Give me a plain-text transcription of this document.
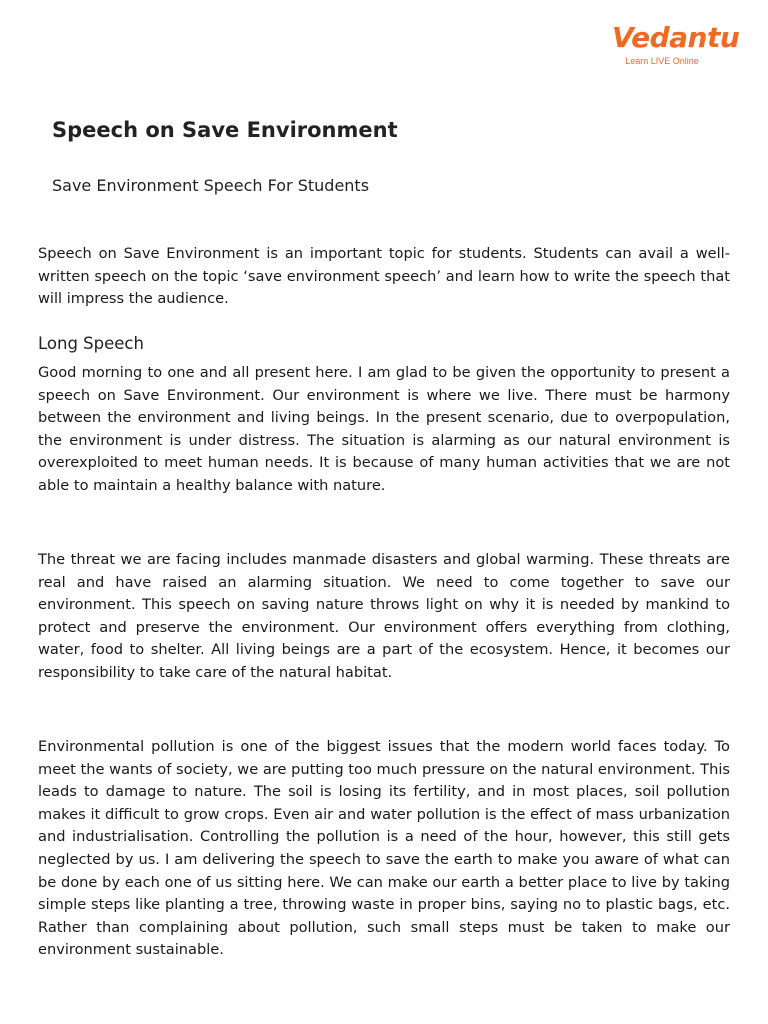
Vedantu
Learn LIVE Online
Speech on Save Environment
Save Environment Speech For Students

Speech on Save Environment is an important topic for students. Students can avail a well-written speech on the topic ‘save environment speech’ and learn how to write the speech that will impress the audience.

Long Speech

Good morning to one and all present here. I am glad to be given the opportunity to present a speech on Save Environment. Our environment is where we live. There must be harmony between the environment and living beings. In the present scenario, due to overpopulation, the environment is under distress. The situation is alarming as our natural environment is overexploited to meet human needs. It is because of many human activities that we are not able to maintain a healthy balance with nature.

The threat we are facing includes manmade disasters and global warming. These threats are real and have raised an alarming situation. We need to come together to save our environment. This speech on saving nature throws light on why it is needed by mankind to protect and preserve the environment. Our environment offers everything from clothing, water, food to shelter. All living beings are a part of the ecosystem. Hence, it becomes our responsibility to take care of the natural habitat.

Environmental pollution is one of the biggest issues that the modern world faces today. To meet the wants of society, we are putting too much pressure on the natural environment. This leads to damage to nature. The soil is losing its fertility, and in most places, soil pollution makes it difficult to grow crops. Even air and water pollution is the effect of mass urbanization and industrialisation. Controlling the pollution is a need of the hour, however, this still gets neglected by us. I am delivering the speech to save the earth to make you aware of what can be done by each one of us sitting here. We can make our earth a better place to live by taking simple steps like planting a tree, throwing waste in proper bins, saying no to plastic bags, etc. Rather than complaining about pollution, such small steps must be taken to make our environment sustainable.
